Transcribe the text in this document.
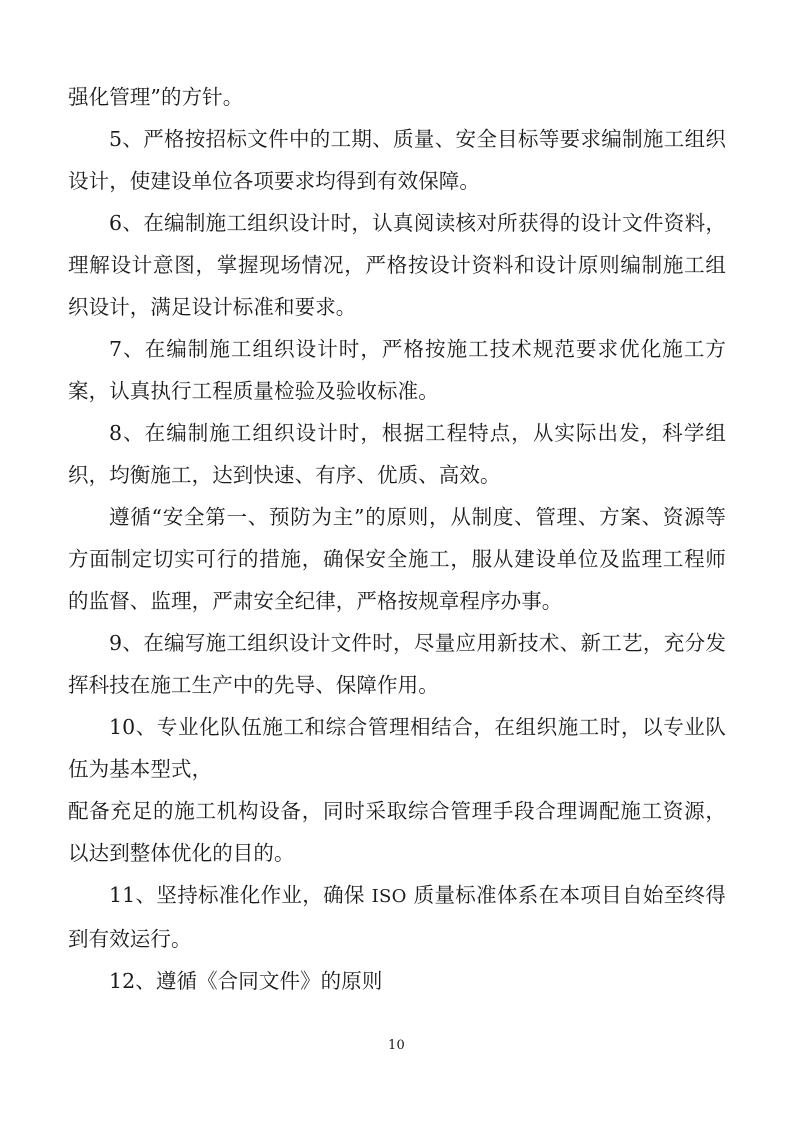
强化管理”的方针。

5、严格按招标文件中的工期、质量、安全目标等要求编制施工组织设计，使建设单位各项要求均得到有效保障。

6、在编制施工组织设计时，认真阅读核对所获得的设计文件资料，理解设计意图，掌握现场情况，严格按设计资料和设计原则编制施工组织设计，满足设计标准和要求。

7、在编制施工组织设计时，严格按施工技术规范要求优化施工方案，认真执行工程质量检验及验收标准。

8、在编制施工组织设计时，根据工程特点，从实际出发，科学组织，均衡施工，达到快速、有序、优质、高效。

遵循“安全第一、预防为主”的原则，从制度、管理、方案、资源等方面制定切实可行的措施，确保安全施工，服从建设单位及监理工程师的监督、监理，严肃安全纪律，严格按规章程序办事。

9、在编写施工组织设计文件时，尽量应用新技术、新工艺，充分发挥科技在施工生产中的先导、保障作用。

10、专业化队伍施工和综合管理相结合，在组织施工时，以专业队伍为基本型式，

配备充足的施工机构设备，同时采取综合管理手段合理调配施工资源，以达到整体优化的目的。

11、坚持标准化作业，确保 ISO 质量标准体系在本项目自始至终得到有效运行。

12、遵循《合同文件》的原则

10
